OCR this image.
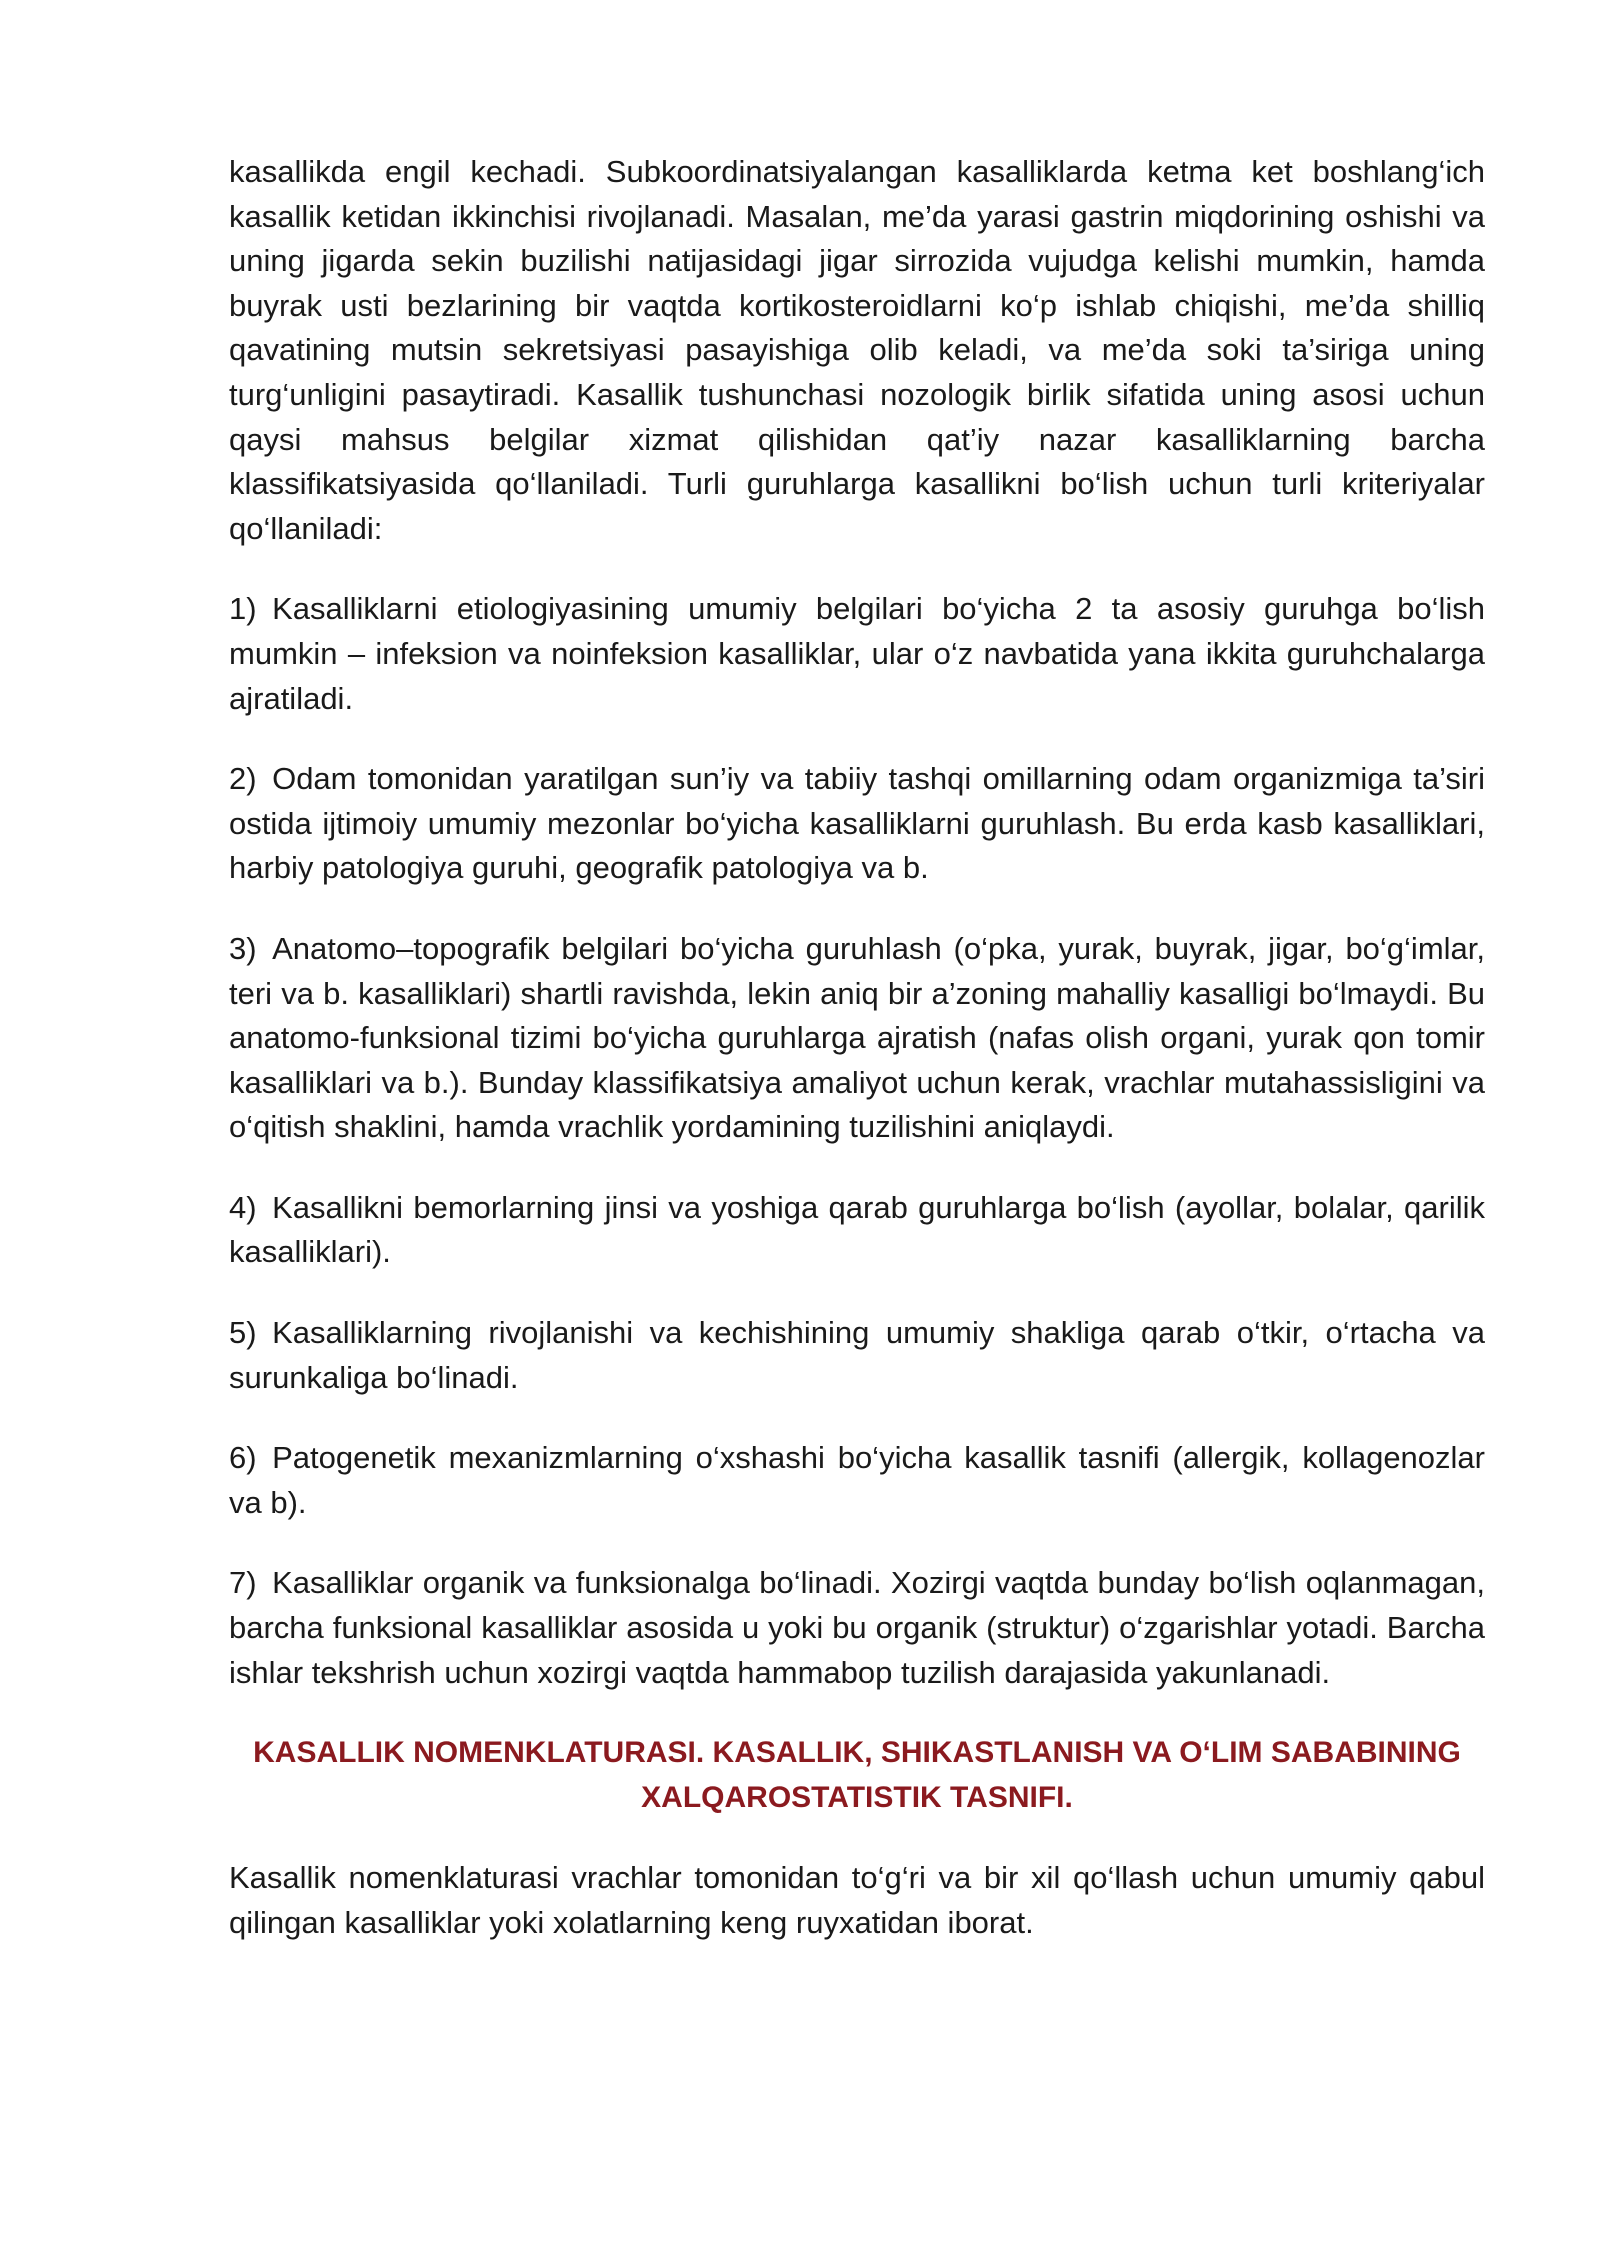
kasallikda engil kechadi. Subkoordinatsiyalangan kasalliklarda ketma ket boshlang‘ich kasallik ketidan ikkinchisi rivojlanadi. Masalan, me’da yarasi gastrin miqdorining oshishi va uning jigarda sekin buzilishi natijasidagi jigar sirrozida vujudga kelishi mumkin, hamda buyrak usti bezlarining bir vaqtda kortikosteroidlarni ko‘p ishlab chiqishi, me’da shilliq qavatining mutsin sekretsiyasi pasayishiga olib keladi, va me’da soki ta’siriga uning turg‘unligini pasaytiradi. Kasallik tushunchasi nozologik birlik sifatida uning asosi uchun qaysi mahsus belgilar xizmat qilishidan qat’iy nazar kasalliklarning barcha klassifikatsiyasida qo‘llaniladi. Turli guruhlarga kasallikni bo‘lish uchun turli kriteriyalar qo‘llaniladi:

1) Kasalliklarni etiologiyasining umumiy belgilari bo‘yicha 2 ta asosiy guruhga bo‘lish mumkin – infeksion va noinfeksion kasalliklar, ular o‘z navbatida yana ikkita guruhchalarga ajratiladi.
2) Odam tomonidan yaratilgan sun’iy va tabiiy tashqi omillarning odam organizmiga ta’siri ostida ijtimoiy umumiy mezonlar bo‘yicha kasalliklarni guruhlash. Bu erda kasb kasalliklari, harbiy patologiya guruhi, geografik patologiya va b.
3) Anatomo–topografik belgilari bo‘yicha guruhlash (o‘pka, yurak, buyrak, jigar, bo‘g‘imlar, teri va b. kasalliklari) shartli ravishda, lekin aniq bir a’zoning mahalliy kasalligi bo‘lmaydi. Bu anatomo-funksional tizimi bo‘yicha guruhlarga ajratish (nafas olish organi, yurak qon tomir kasalliklari va b.). Bunday klassifikatsiya amaliyot uchun kerak, vrachlar mutahassisligini va o‘qitish shaklini, hamda vrachlik yordamining tuzilishini aniqlaydi.
4) Kasallikni bemorlarning jinsi va yoshiga qarab guruhlarga bo‘lish (ayollar, bolalar, qarilik kasalliklari).
5) Kasalliklarning rivojlanishi va kechishining umumiy shakliga qarab o‘tkir, o‘rtacha va surunkaliga bo‘linadi.
6) Patogenetik mexanizmlarning o‘xshashi bo‘yicha kasallik tasnifi (allergik, kollagenozlar va b).
7) Kasalliklar organik va funksionalga bo‘linadi. Xozirgi vaqtda bunday bo‘lish oqlanmagan, barcha funksional kasalliklar asosida u yoki bu organik (struktur) o‘zgarishlar yotadi. Barcha ishlar tekshrish uchun xozirgi vaqtda hammabop tuzilish darajasida yakunlanadi.
KASALLIK NOMENKLATURASI. KASALLIK, SHIKASTLANISH VA O‘LIM SABABINING XALQAROSTATISTIK TASNIFI.

Kasallik nomenklaturasi vrachlar tomonidan to‘g‘ri va bir xil qo‘llash uchun umumiy qabul qilingan kasalliklar yoki xolatlarning keng ruyxatidan iborat.
